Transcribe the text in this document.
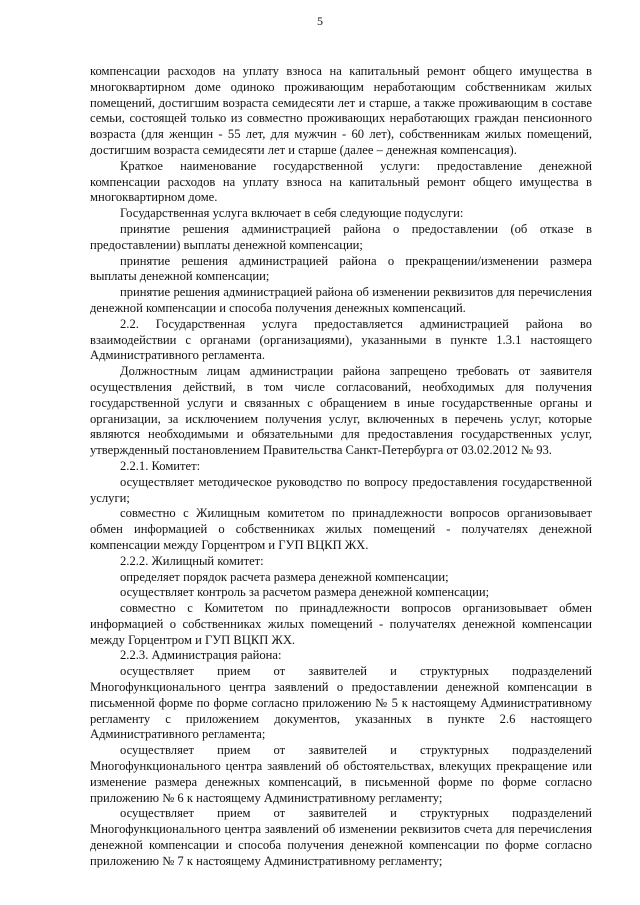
5

компенсации расходов на уплату взноса на капитальный ремонт общего имущества в многоквартирном доме одиноко проживающим неработающим собственникам жилых помещений, достигшим возраста семидесяти лет и старше, а также проживающим в составе семьи, состоящей только из совместно проживающих неработающих граждан пенсионного возраста (для женщин - 55 лет, для мужчин - 60 лет), собственникам жилых помещений, достигшим возраста семидесяти лет и старше (далее – денежная компенсация).

Краткое наименование государственной услуги: предоставление денежной компенсации расходов на уплату взноса на капитальный ремонт общего имущества в многоквартирном доме.

Государственная услуга включает в себя следующие подуслуги:

принятие решения администрацией района о предоставлении (об отказе в предоставлении) выплаты денежной компенсации;

принятие решения администрацией района о прекращении/изменении размера выплаты денежной компенсации;

принятие решения администрацией района об изменении реквизитов для перечисления денежной компенсации и способа получения денежных компенсаций.

2.2. Государственная услуга предоставляется администрацией района во взаимодействии с органами (организациями), указанными в пункте 1.3.1 настоящего Административного регламента.

Должностным лицам администрации района запрещено требовать от заявителя осуществления действий, в том числе согласований, необходимых для получения государственной услуги и связанных с обращением в иные государственные органы и организации, за исключением получения услуг, включенных в перечень услуг, которые являются необходимыми и обязательными для предоставления государственных услуг, утвержденный постановлением Правительства Санкт-Петербурга от 03.02.2012 № 93.

2.2.1. Комитет:

осуществляет методическое руководство по вопросу предоставления государственной услуги;

совместно с Жилищным комитетом по принадлежности вопросов организовывает обмен информацией о собственниках жилых помещений - получателях денежной компенсации между Горцентром и ГУП ВЦКП ЖХ.

2.2.2. Жилищный комитет:

определяет порядок расчета размера денежной компенсации;

осуществляет контроль за расчетом размера денежной компенсации;

совместно с Комитетом по принадлежности вопросов организовывает обмен информацией о собственниках жилых помещений - получателях денежной компенсации между Горцентром и ГУП ВЦКП ЖХ.

2.2.3. Администрация района:

осуществляет прием от заявителей и структурных подразделений Многофункционального центра заявлений о предоставлении денежной компенсации в письменной форме по форме согласно приложению № 5 к настоящему Административному регламенту с приложением документов, указанных в пункте 2.6 настоящего Административного регламента;

осуществляет прием от заявителей и структурных подразделений Многофункционального центра заявлений об обстоятельствах, влекущих прекращение или изменение размера денежных компенсаций, в письменной форме по форме согласно приложению № 6 к настоящему Административному регламенту;

осуществляет прием от заявителей и структурных подразделений Многофункционального центра заявлений об изменении реквизитов счета для перечисления денежной компенсации и способа получения денежной компенсации по форме согласно приложению № 7 к настоящему Административному регламенту;
